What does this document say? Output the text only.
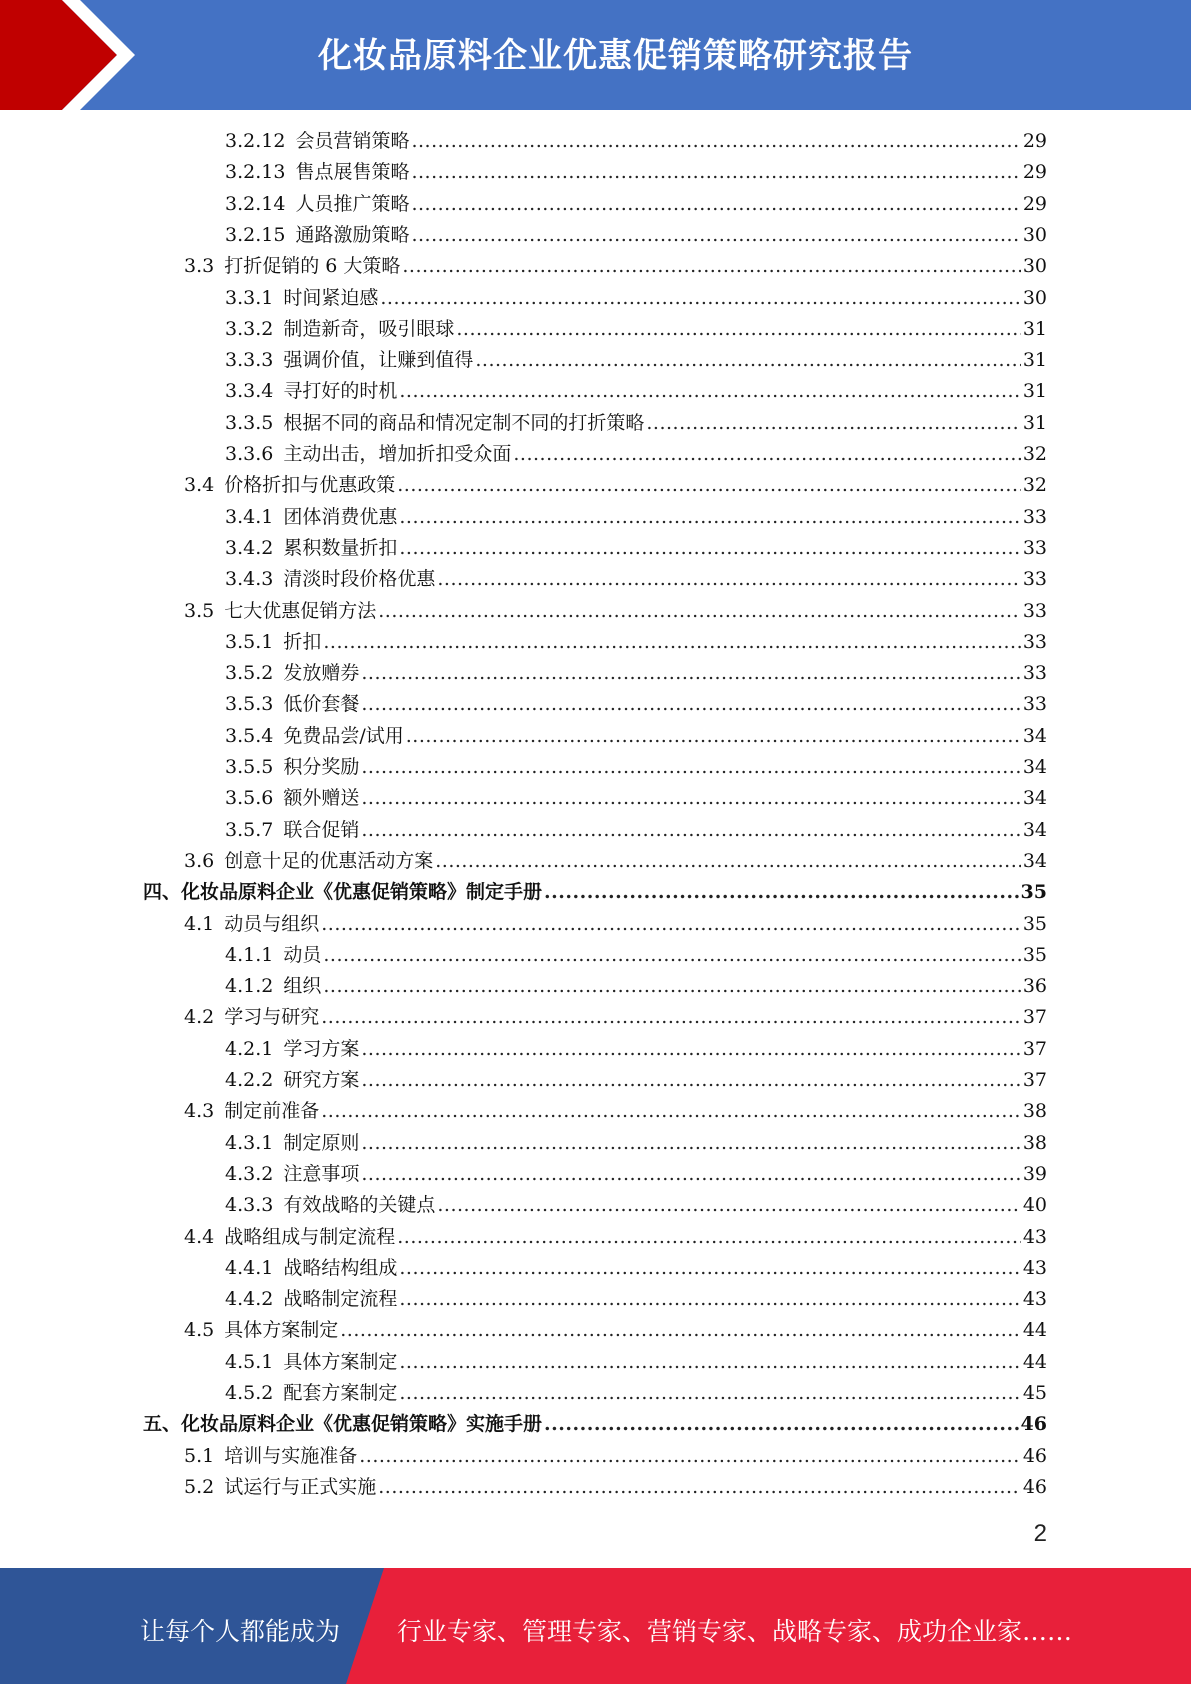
化妆品原料企业优惠促销策略研究报告
3.2.12 会员营销策略 .....	29
3.2.13 售点展售策略 .....	29
3.2.14 人员推广策略 .....	29
3.2.15 通路激励策略 .....	30
3.3 打折促销的 6 大策略 .....	30
3.3.1 时间紧迫感 .....	30
3.3.2 制造新奇，吸引眼球 .....	31
3.3.3 强调价值，让赚到值得 .....	31
3.3.4 寻打好的时机 .....	31
3.3.5 根据不同的商品和情况定制不同的打折策略 .....	31
3.3.6 主动出击，增加折扣受众面 .....	32
3.4 价格折扣与优惠政策 .....	32
3.4.1 团体消费优惠 .....	33
3.4.2 累积数量折扣 .....	33
3.4.3 清淡时段价格优惠 .....	33
3.5 七大优惠促销方法 .....	33
3.5.1 折扣 .....	33
3.5.2 发放赠券 .....	33
3.5.3 低价套餐 .....	33
3.5.4 免费品尝/试用 .....	34
3.5.5 积分奖励 .....	34
3.5.6 额外赠送 .....	34
3.5.7 联合促销 .....	34
3.6 创意十足的优惠活动方案 .....	34
四、化妆品原料企业《优惠促销策略》制定手册 .....	35
4.1 动员与组织 .....	35
4.1.1 动员 .....	35
4.1.2 组织 .....	36
4.2 学习与研究 .....	37
4.2.1 学习方案 .....	37
4.2.2 研究方案 .....	37
4.3 制定前准备 .....	38
4.3.1 制定原则 .....	38
4.3.2 注意事项 .....	39
4.3.3 有效战略的关键点 .....	40
4.4 战略组成与制定流程 .....	43
4.4.1 战略结构组成 .....	43
4.4.2 战略制定流程 .....	43
4.5 具体方案制定 .....	44
4.5.1 具体方案制定 .....	44
4.5.2 配套方案制定 .....	45
五、化妆品原料企业《优惠促销策略》实施手册 .....	46
5.1 培训与实施准备 .....	46
5.2 试运行与正式实施 .....	46
2
让每个人都能成为 行业专家、管理专家、营销专家、战略专家、成功企业家……
